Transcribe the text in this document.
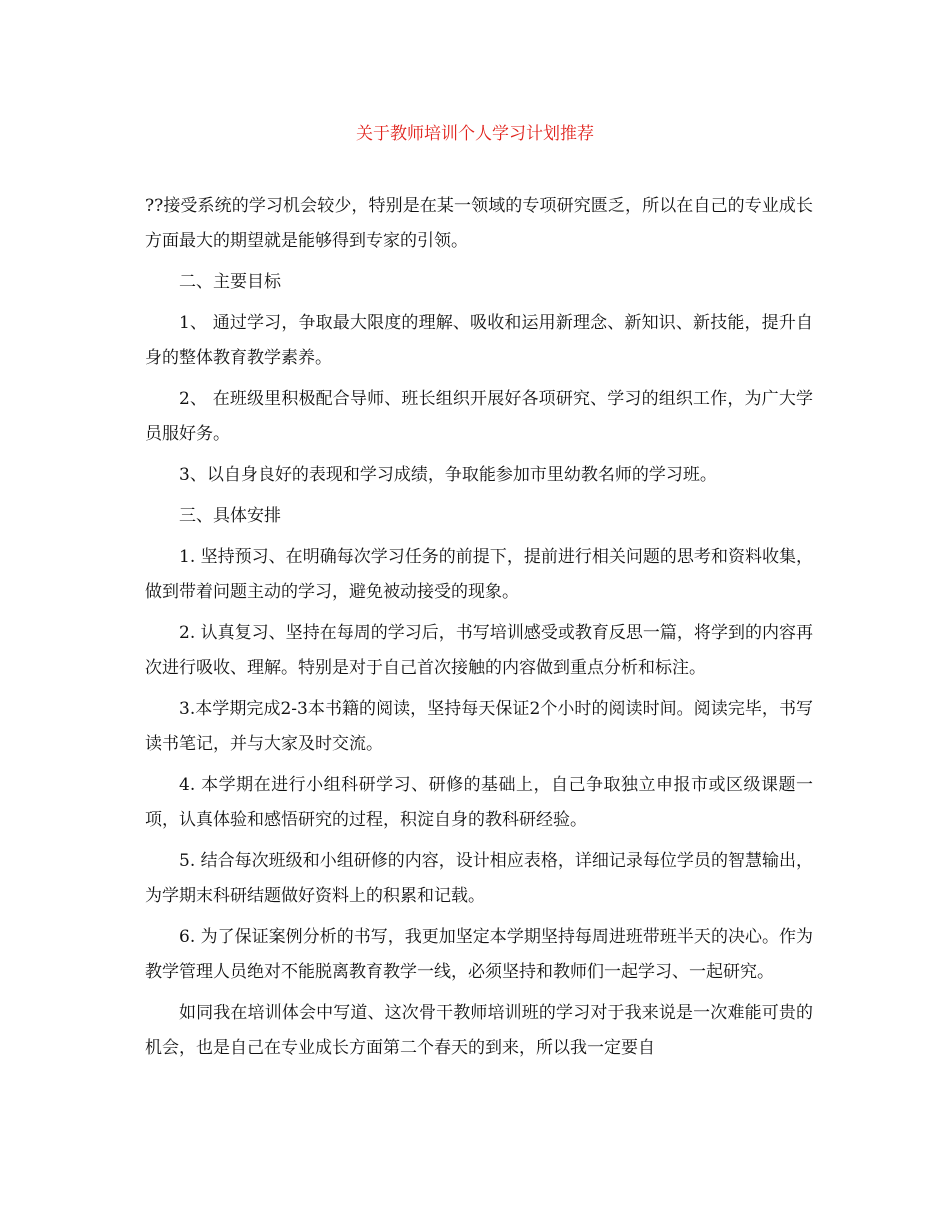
关于教师培训个人学习计划推荐

??接受系统的学习机会较少，特别是在某一领域的专项研究匮乏，所以在自己的专业成长方面最大的期望就是能够得到专家的引领。

二、主要目标

1、 通过学习，争取最大限度的理解、吸收和运用新理念、新知识、新技能，提升自身的整体教育教学素养。

2、 在班级里积极配合导师、班长组织开展好各项研究、学习的组织工作，为广大学员服好务。

3、以自身良好的表现和学习成绩，争取能参加市里幼教名师的学习班。

三、具体安排

1. 坚持预习、在明确每次学习任务的前提下，提前进行相关问题的思考和资料收集，做到带着问题主动的学习，避免被动接受的现象。

2. 认真复习、坚持在每周的学习后，书写培训感受或教育反思一篇，将学到的内容再次进行吸收、理解。特别是对于自己首次接触的内容做到重点分析和标注。

3.本学期完成2-3本书籍的阅读，坚持每天保证2个小时的阅读时间。阅读完毕，书写读书笔记，并与大家及时交流。

4. 本学期在进行小组科研学习、研修的基础上，自己争取独立申报市或区级课题一项，认真体验和感悟研究的过程，积淀自身的教科研经验。

5. 结合每次班级和小组研修的内容，设计相应表格，详细记录每位学员的智慧输出，为学期末科研结题做好资料上的积累和记载。

6. 为了保证案例分析的书写，我更加坚定本学期坚持每周进班带班半天的决心。作为教学管理人员绝对不能脱离教育教学一线，必须坚持和教师们一起学习、一起研究。

如同我在培训体会中写道、这次骨干教师培训班的学习对于我来说是一次难能可贵的机会，也是自己在专业成长方面第二个春天的到来，所以我一定要自
